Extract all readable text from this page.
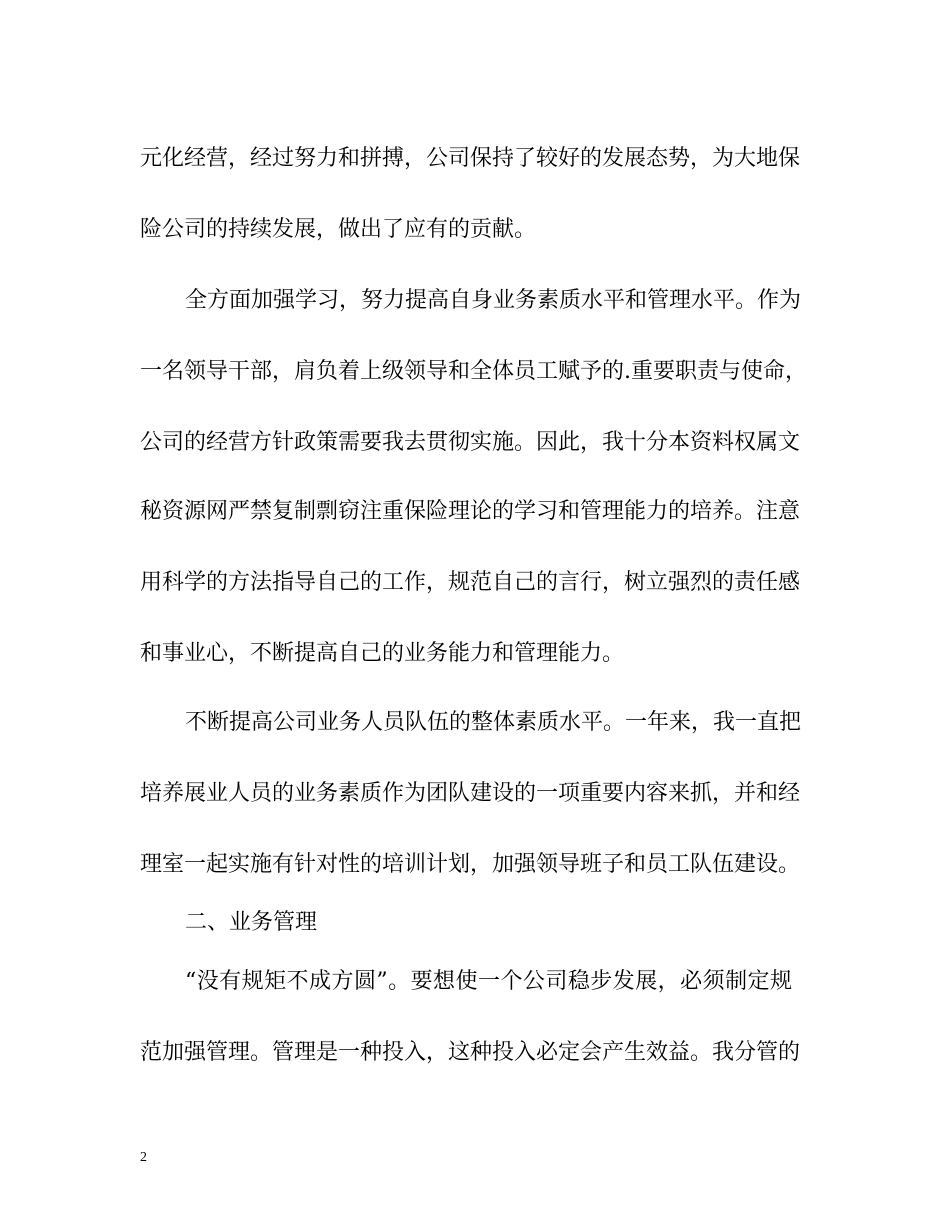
元化经营，经过努力和拼搏，公司保持了较好的发展态势，为大地保
险公司的持续发展，做出了应有的贡献。
全方面加强学习，努力提高自身业务素质水平和管理水平。作为
一名领导干部，肩负着上级领导和全体员工赋予的.重要职责与使命，
公司的经营方针政策需要我去贯彻实施。因此，我十分本资料权属文
秘资源网严禁复制剽窃注重保险理论的学习和管理能力的培养。注意
用科学的方法指导自己的工作，规范自己的言行，树立强烈的责任感
和事业心，不断提高自己的业务能力和管理能力。
不断提高公司业务人员队伍的整体素质水平。一年来，我一直把
培养展业人员的业务素质作为团队建设的一项重要内容来抓，并和经
理室一起实施有针对性的培训计划，加强领导班子和员工队伍建设。
二、业务管理
“没有规矩不成方圆”。要想使一个公司稳步发展，必须制定规
范加强管理。管理是一种投入，这种投入必定会产生效益。我分管的
2
